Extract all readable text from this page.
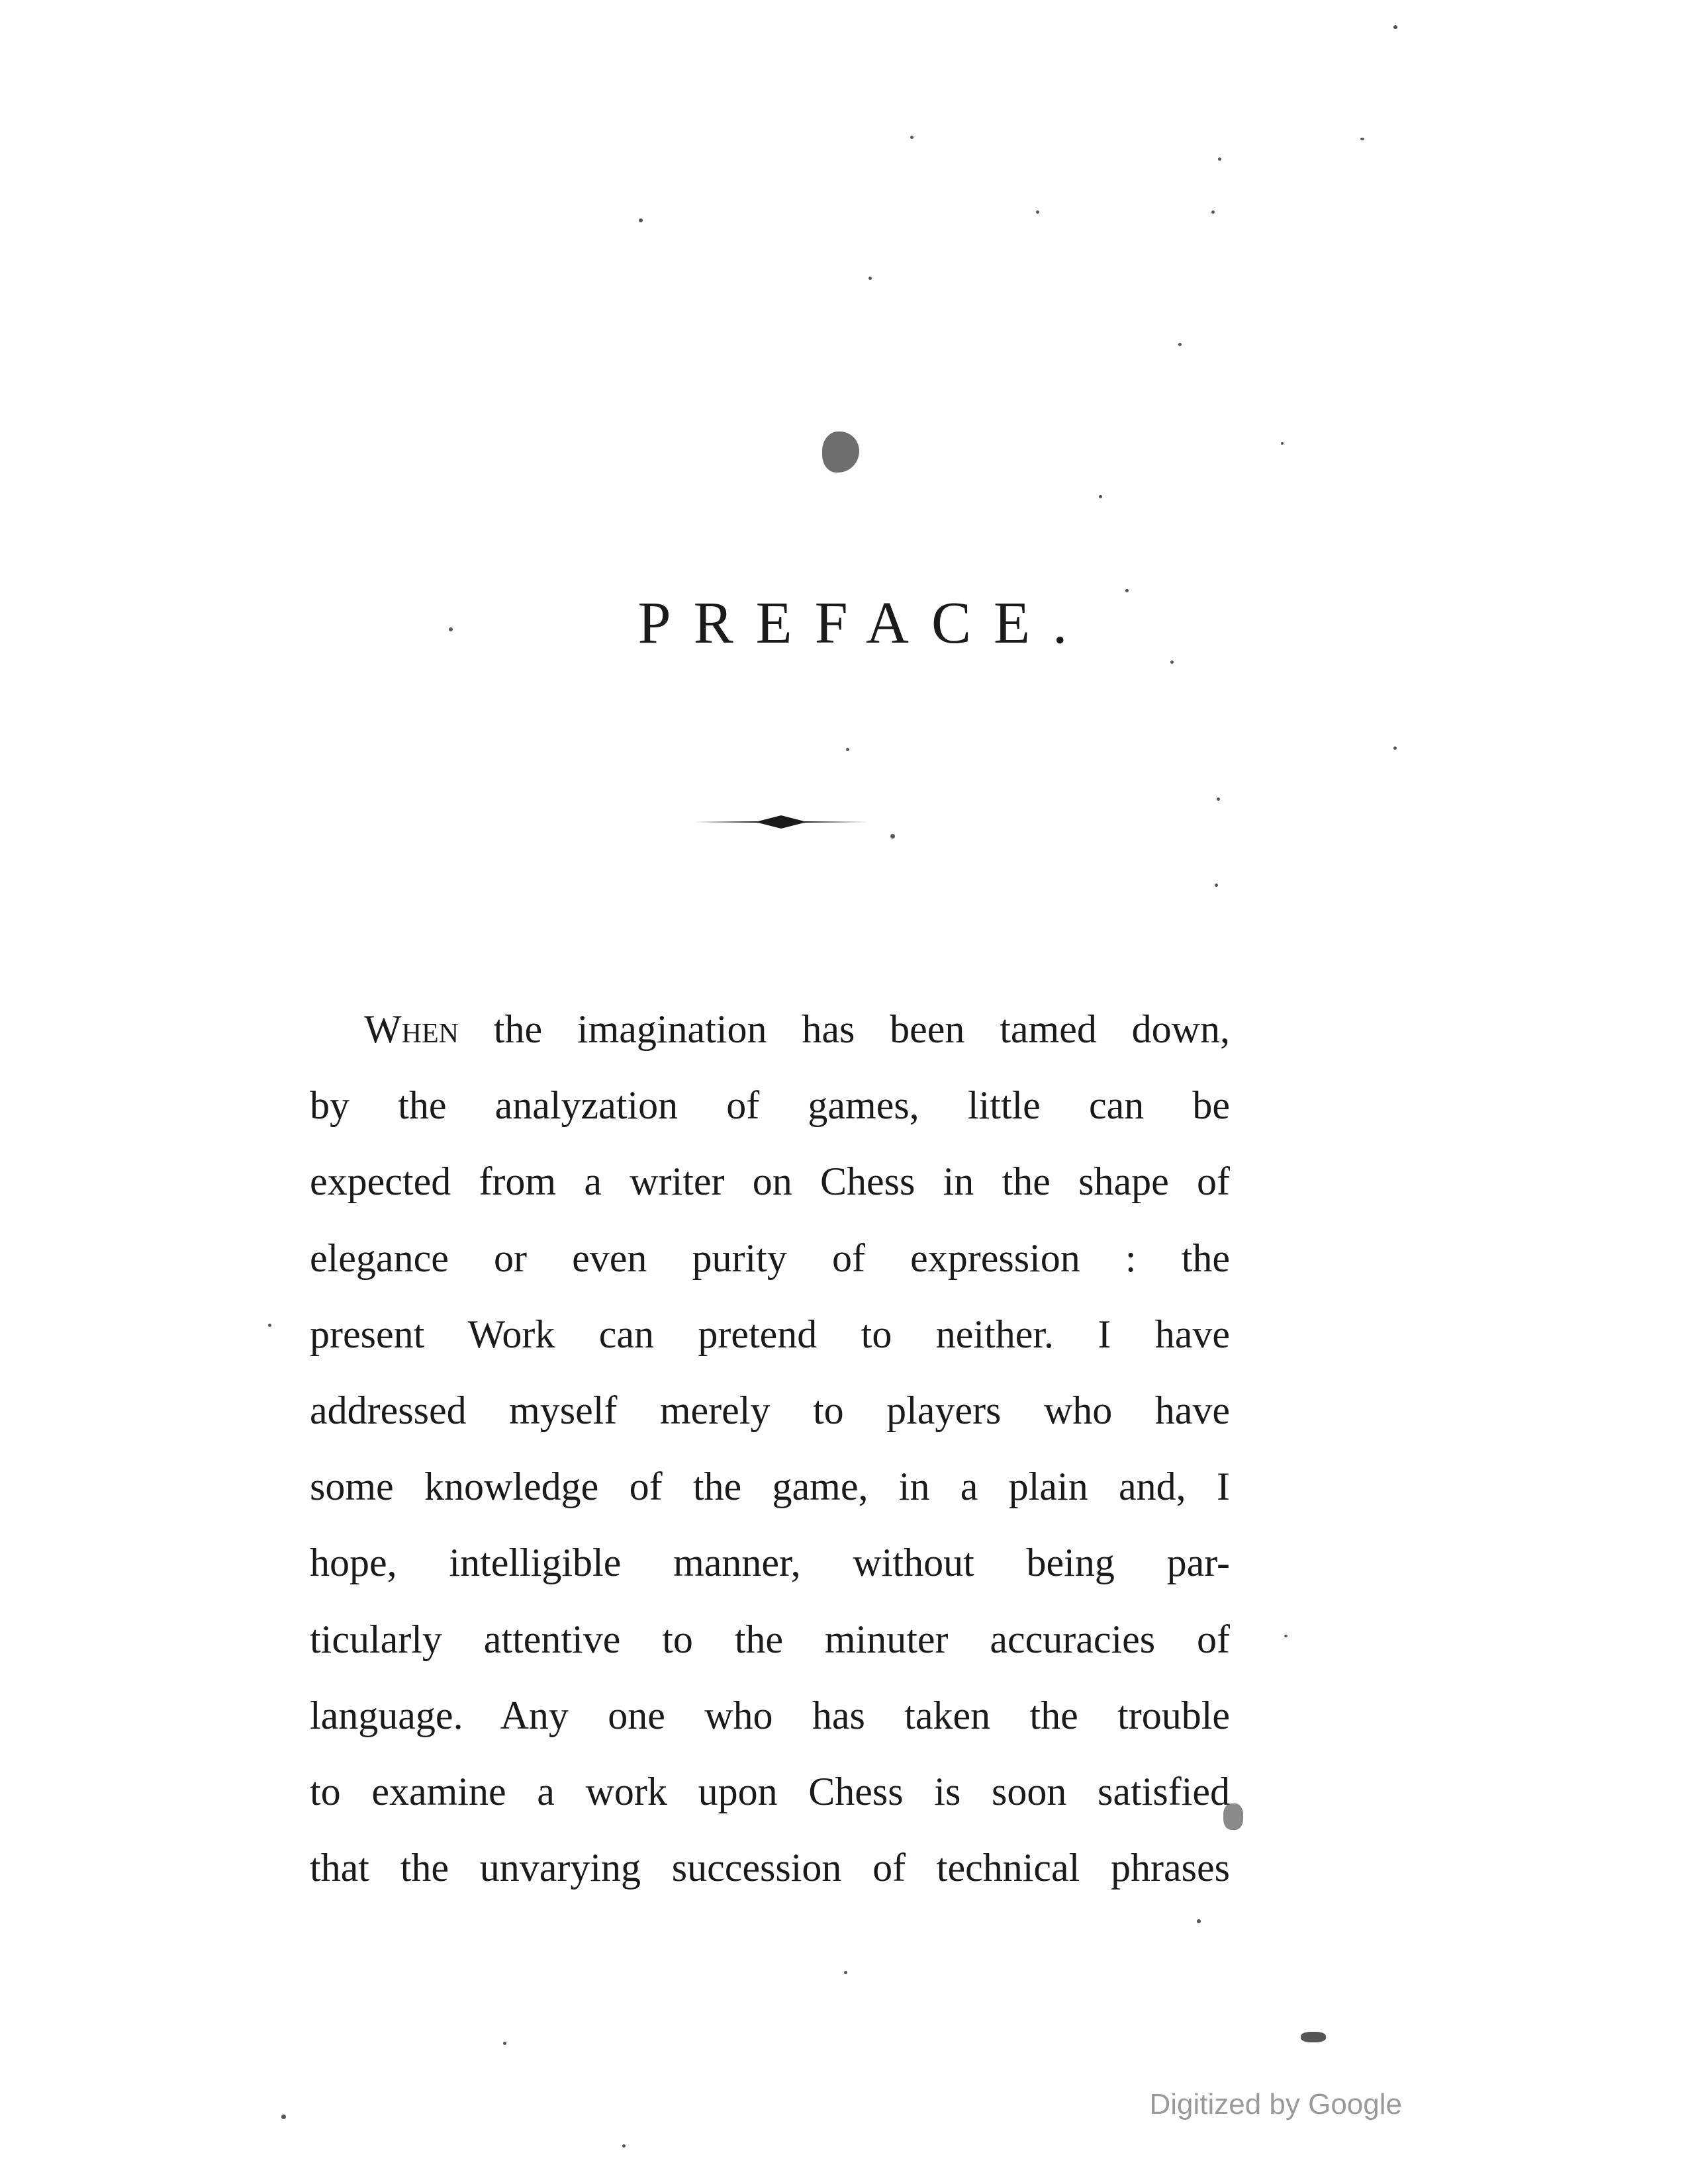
PREFACE.
When the imagination has been tamed down,
by the analyzation of games, little can be
expected from a writer on Chess in the shape of
elegance or even purity of expression : the
present Work can pretend to neither. I have
addressed myself merely to players who have
some knowledge of the game, in a plain and, I
hope, intelligible manner, without being par-
ticularly attentive to the minuter accuracies of
language. Any one who has taken the trouble
to examine a work upon Chess is soon satisfied
that the unvarying succession of technical phrases
Digitized by Google
